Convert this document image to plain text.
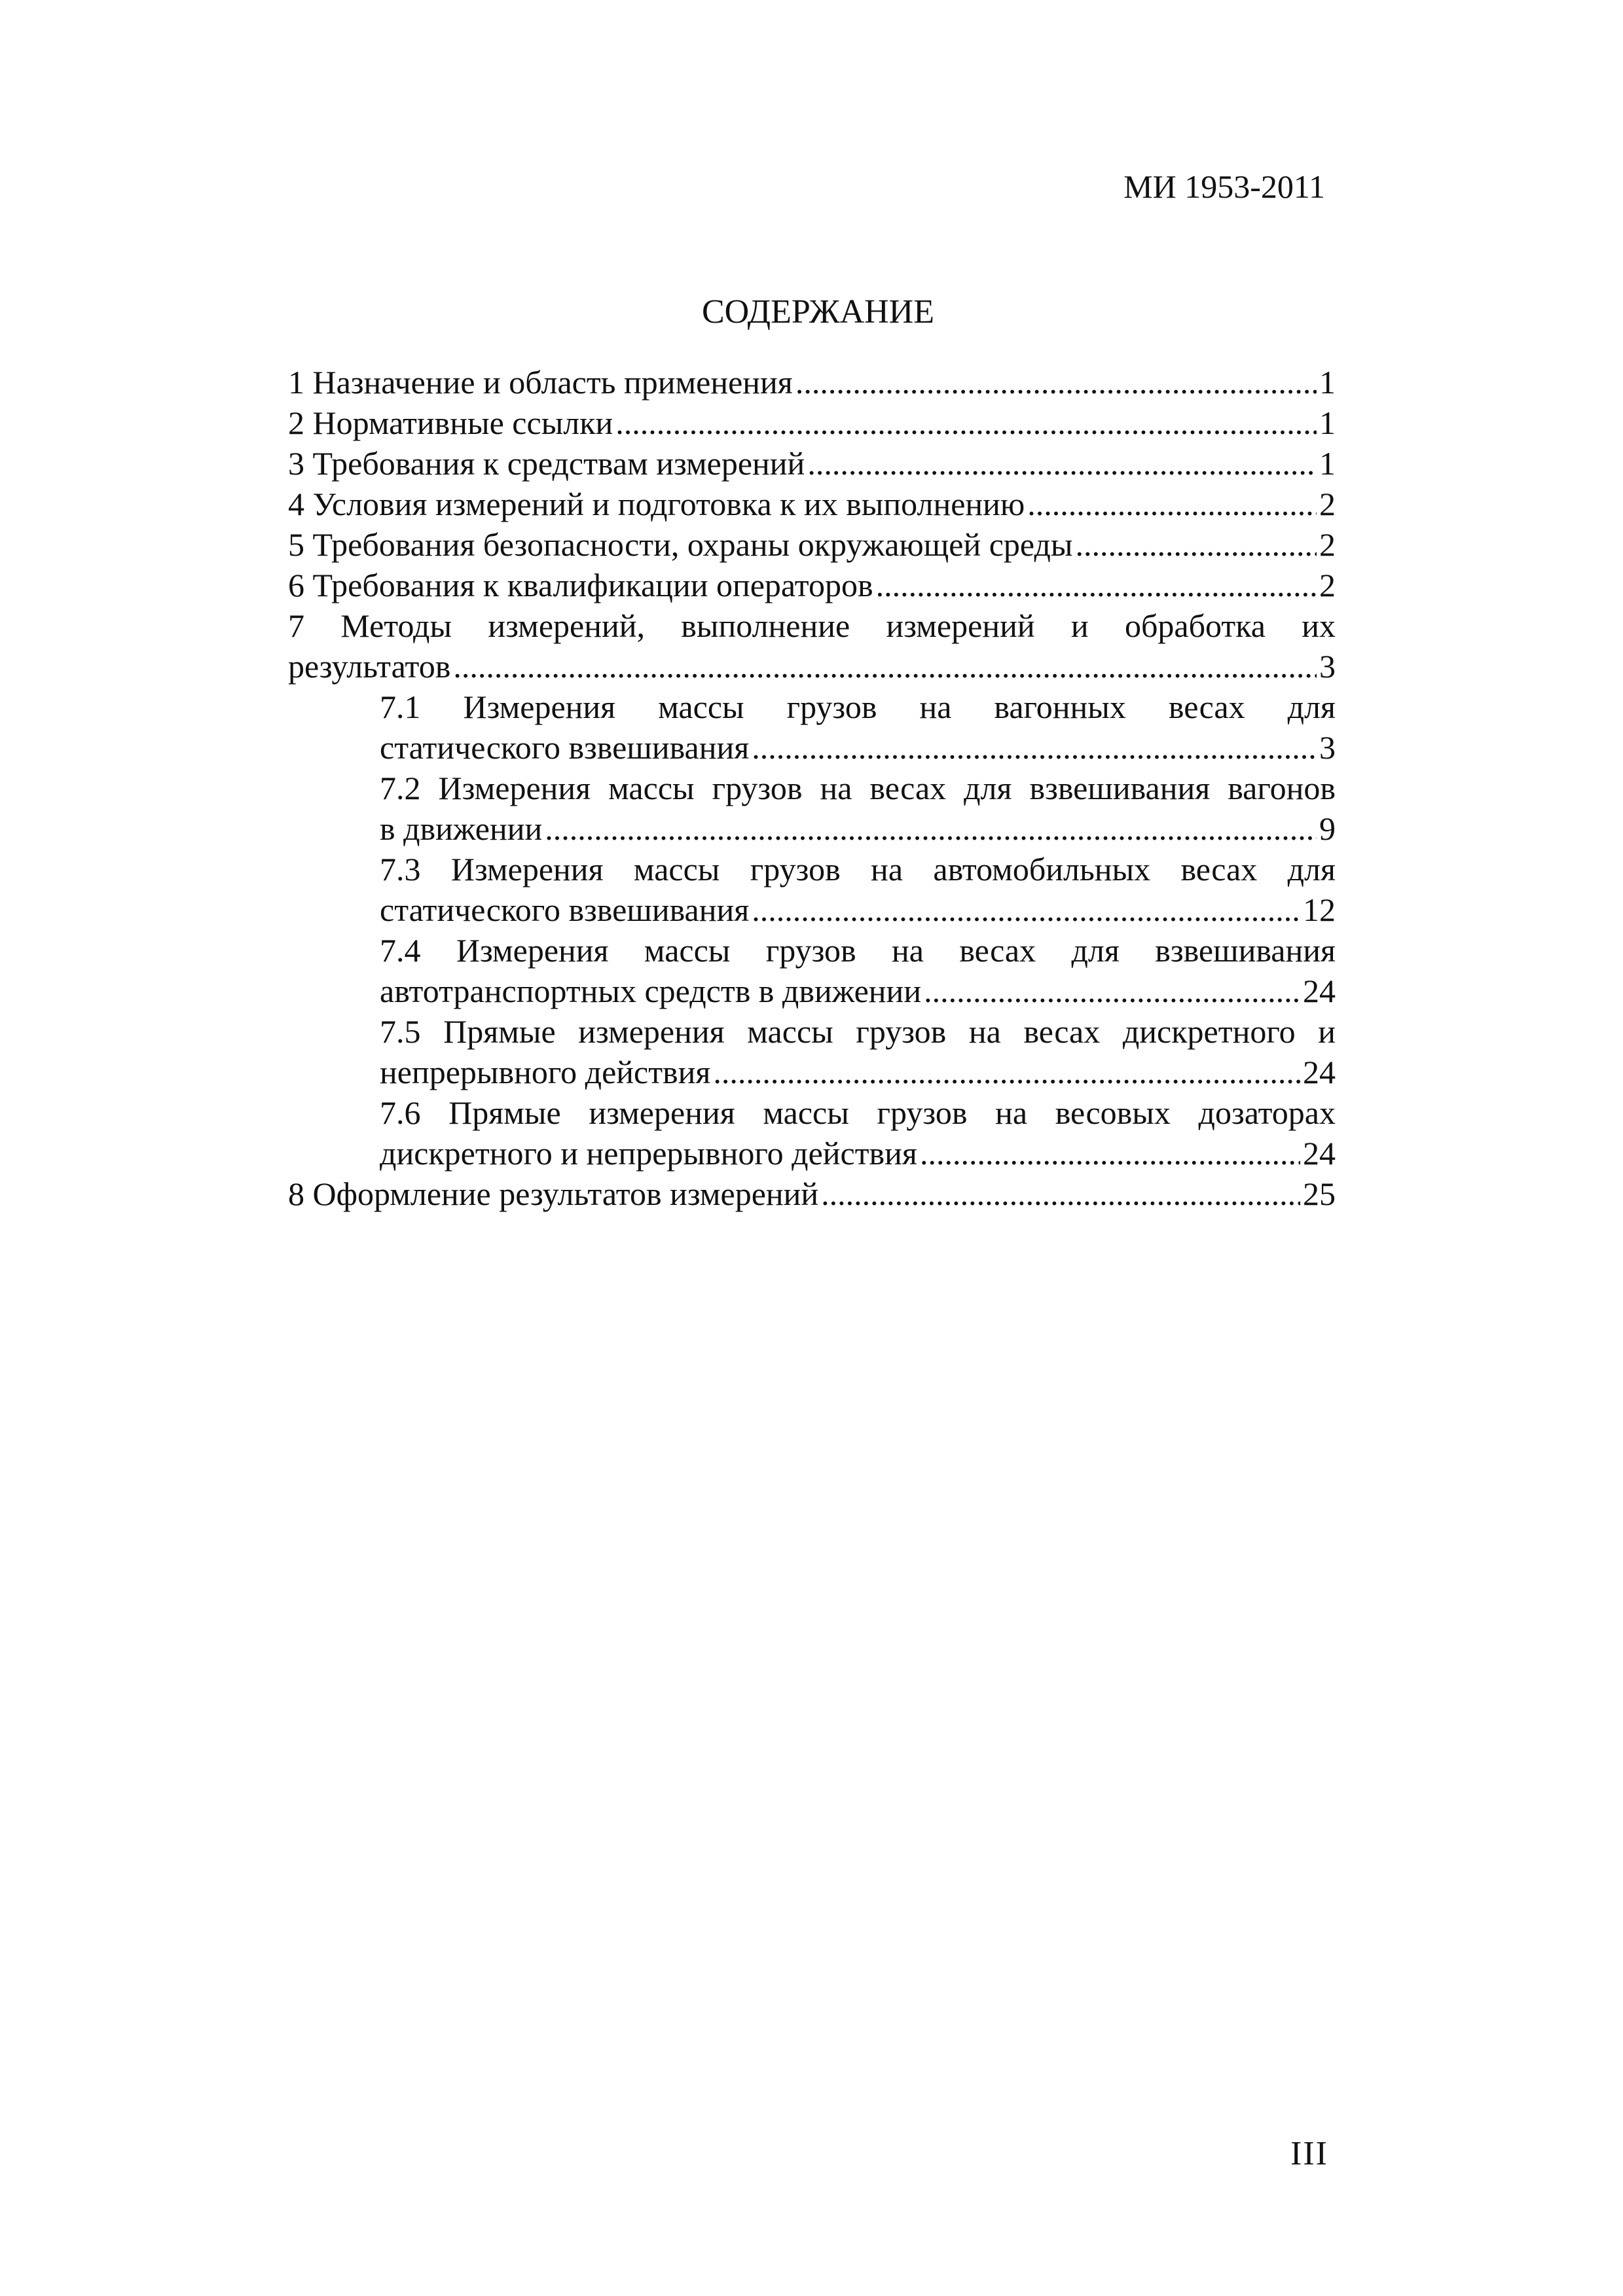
МИ 1953-2011
СОДЕРЖАНИЕ
1 Назначение и область применения .....	1
2 Нормативные ссылки .....	1
3 Требования к средствам измерений .....	1
4 Условия измерений и подготовка к их выполнению .....	2
5 Требования безопасности, охраны окружающей среды .....	2
6 Требования к квалификации операторов .....	2
7 Методы измерений, выполнение измерений и обработка их
результатов .....	3
7.1 Измерения массы грузов на вагонных весах для
статического взвешивания .....	3
7.2 Измерения массы грузов на весах для взвешивания вагонов
в движении .....	9
7.3 Измерения массы грузов на автомобильных весах для
статического взвешивания .....	12
7.4 Измерения массы грузов на весах для взвешивания
автотранспортных средств в движении .....	24
7.5 Прямые измерения массы грузов на весах дискретного и
непрерывного действия .....	24
7.6 Прямые измерения массы грузов на весовых дозаторах
дискретного и непрерывного действия .....	24
8 Оформление результатов измерений .....	25
III
